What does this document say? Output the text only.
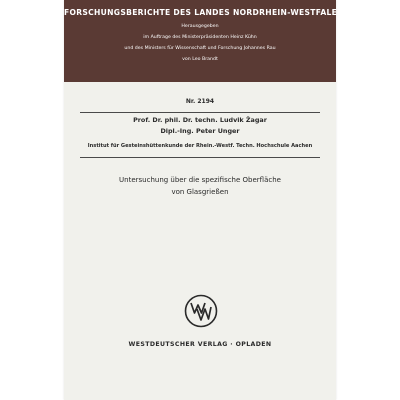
FORSCHUNGSBERICHTE DES LANDES NORDRHEIN-WESTFALEN
Herausgegeben
im Auftrage des Ministerpräsidenten Heinz Kühn
und des Ministers für Wissenschaft und Forschung Johannes Rau
von Leo Brandt
Nr. 2194
Prof. Dr. phil. Dr. techn. Ludvik Žagar
Dipl.-Ing. Peter Unger
Institut für Gesteinshüttenkunde der Rhein.-Westf. Techn. Hochschule Aachen
Untersuchung über die spezifische Oberfläche
von Glasgrießen
WESTDEUTSCHER VERLAG · OPLADEN
